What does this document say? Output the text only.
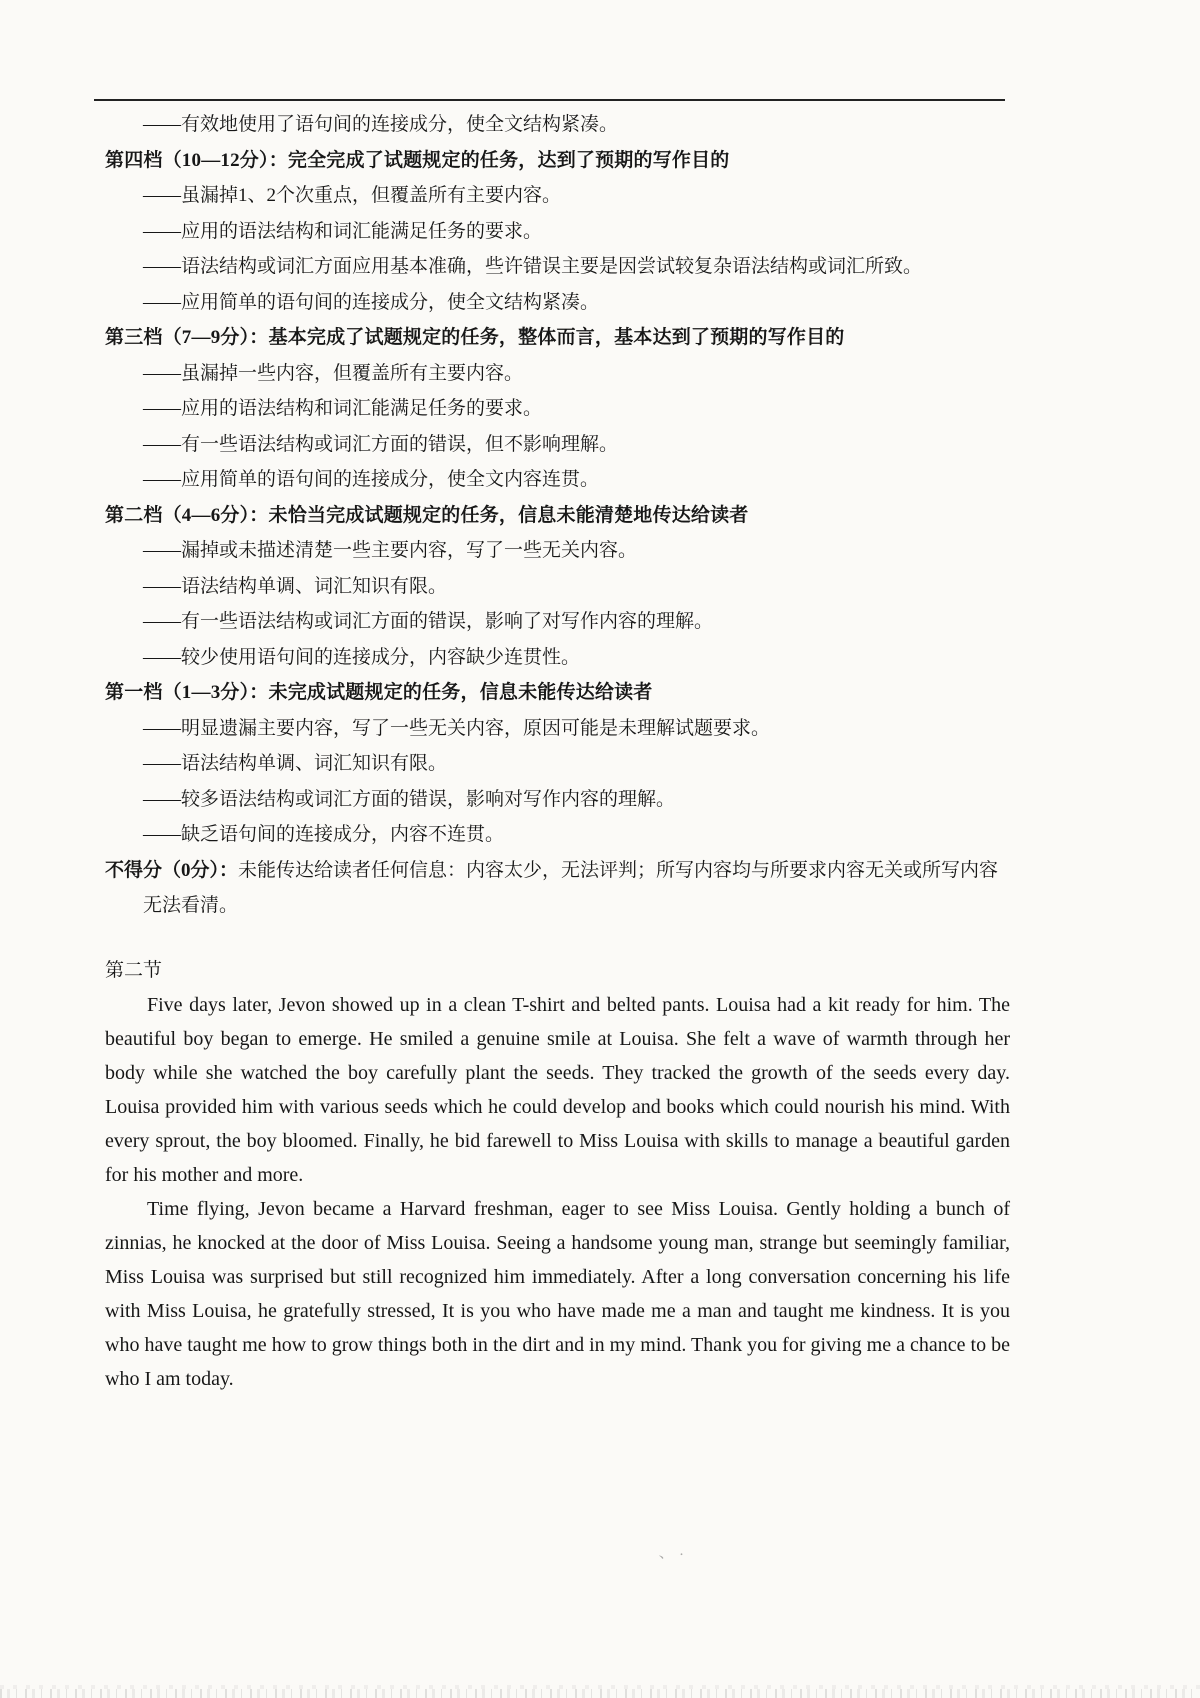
——有效地使用了语句间的连接成分，使全文结构紧凑。

第四档（10—12分）：完全完成了试题规定的任务，达到了预期的写作目的

——虽漏掉1、2个次重点，但覆盖所有主要内容。

——应用的语法结构和词汇能满足任务的要求。

——语法结构或词汇方面应用基本准确，些许错误主要是因尝试较复杂语法结构或词汇所致。

——应用简单的语句间的连接成分，使全文结构紧凑。

第三档（7—9分）：基本完成了试题规定的任务，整体而言，基本达到了预期的写作目的

——虽漏掉一些内容，但覆盖所有主要内容。

——应用的语法结构和词汇能满足任务的要求。

——有一些语法结构或词汇方面的错误，但不影响理解。

——应用简单的语句间的连接成分，使全文内容连贯。

第二档（4—6分）：未恰当完成试题规定的任务，信息未能清楚地传达给读者

——漏掉或未描述清楚一些主要内容，写了一些无关内容。

——语法结构单调、词汇知识有限。

——有一些语法结构或词汇方面的错误，影响了对写作内容的理解。

——较少使用语句间的连接成分，内容缺少连贯性。

第一档（1—3分）：未完成试题规定的任务，信息未能传达给读者

——明显遗漏主要内容，写了一些无关内容，原因可能是未理解试题要求。

——语法结构单调、词汇知识有限。

——较多语法结构或词汇方面的错误，影响对写作内容的理解。

——缺乏语句间的连接成分，内容不连贯。

不得分（0分）：未能传达给读者任何信息：内容太少，无法评判；所写内容均与所要求内容无关或所写内容无法看清。

第二节

Five days later, Jevon showed up in a clean T-shirt and belted pants. Louisa had a kit ready for him. The beautiful boy began to emerge. He smiled a genuine smile at Louisa. She felt a wave of warmth through her body while she watched the boy carefully plant the seeds. They tracked the growth of the seeds every day. Louisa provided him with various seeds which he could develop and books which could nourish his mind. With every sprout, the boy bloomed. Finally, he bid farewell to Miss Louisa with skills to manage a beautiful garden for his mother and more.

Time flying, Jevon became a Harvard freshman, eager to see Miss Louisa. Gently holding a bunch of zinnias, he knocked at the door of Miss Louisa. Seeing a handsome young man, strange but seemingly familiar, Miss Louisa was surprised but still recognized him immediately. After a long conversation concerning his life with Miss Louisa, he gratefully stressed, It is you who have made me a man and taught me kindness. It is you who have taught me how to grow things both in the dirt and in my mind. Thank you for giving me a chance to be who I am today.

、.
